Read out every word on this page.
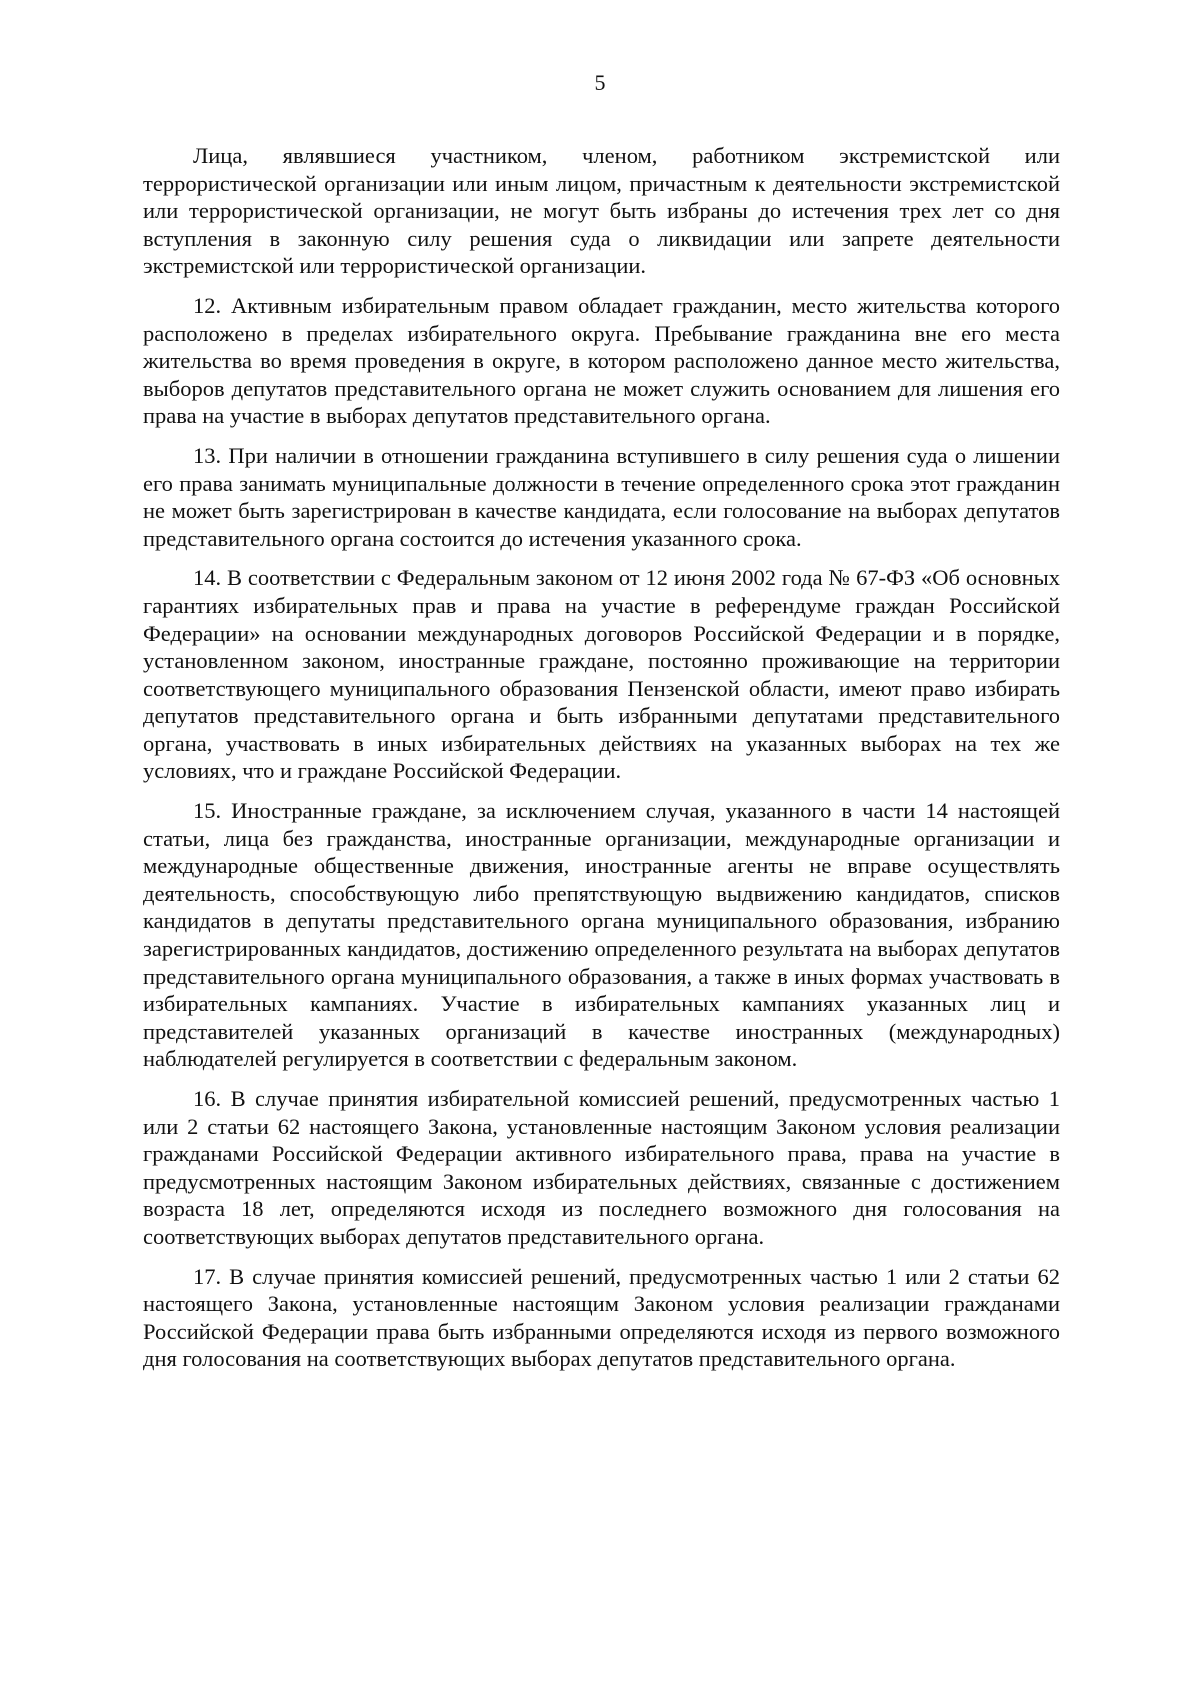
5

Лица, являвшиеся участником, членом, работником экстремистской или террористической организации или иным лицом, причастным к деятельности экстремистской или террористической организации, не могут быть избраны до истечения трех лет со дня вступления в законную силу решения суда о ликвидации или запрете деятельности экстремистской или террористической организации.

12. Активным избирательным правом обладает гражданин, место жительства которого расположено в пределах избирательного округа. Пребывание гражданина вне его места жительства во время проведения в округе, в котором расположено данное место жительства, выборов депутатов представительного органа не может служить основанием для лишения его права на участие в выборах депутатов представительного органа.

13. При наличии в отношении гражданина вступившего в силу решения суда о лишении его права занимать муниципальные должности в течение определенного срока этот гражданин не может быть зарегистрирован в качестве кандидата, если голосование на выборах депутатов представительного органа состоится до истечения указанного срока.

14. В соответствии с Федеральным законом от 12 июня 2002 года № 67-ФЗ «Об основных гарантиях избирательных прав и права на участие в референдуме граждан Российской Федерации» на основании международных договоров Российской Федерации и в порядке, установленном законом, иностранные граждане, постоянно проживающие на территории соответствующего муниципального образования Пензенской области, имеют право избирать депутатов представительного органа и быть избранными депутатами представительного органа, участвовать в иных избирательных действиях на указанных выборах на тех же условиях, что и граждане Российской Федерации.

15. Иностранные граждане, за исключением случая, указанного в части 14 настоящей статьи, лица без гражданства, иностранные организации, международные организации и международные общественные движения, иностранные агенты не вправе осуществлять деятельность, способствующую либо препятствующую выдвижению кандидатов, списков кандидатов в депутаты представительного органа муниципального образования, избранию зарегистрированных кандидатов, достижению определенного результата на выборах депутатов представительного органа муниципального образования, а также в иных формах участвовать в избирательных кампаниях. Участие в избирательных кампаниях указанных лиц и представителей указанных организаций в качестве иностранных (международных) наблюдателей регулируется в соответствии с федеральным законом.

16. В случае принятия избирательной комиссией решений, предусмотренных частью 1 или 2 статьи 62 настоящего Закона, установленные настоящим Законом условия реализации гражданами Российской Федерации активного избирательного права, права на участие в предусмотренных настоящим Законом избирательных действиях, связанные с достижением возраста 18 лет, определяются исходя из последнего возможного дня голосования на соответствующих выборах депутатов представительного органа.

17. В случае принятия комиссией решений, предусмотренных частью 1 или 2 статьи 62 настоящего Закона, установленные настоящим Законом условия реализации гражданами Российской Федерации права быть избранными определяются исходя из первого возможного дня голосования на соответствующих выборах депутатов представительного органа.
